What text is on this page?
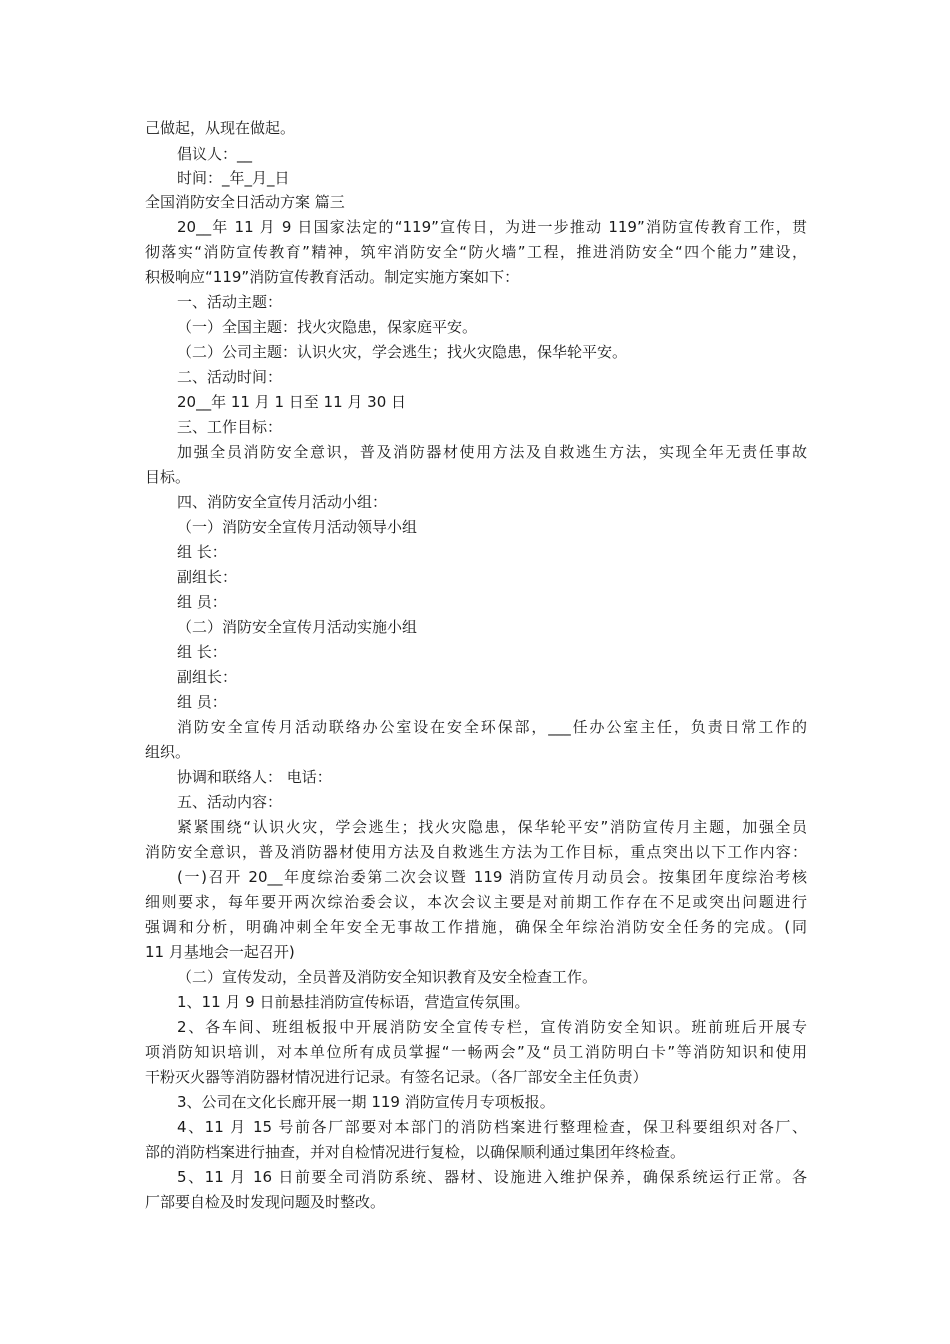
己做起，从现在做起。
倡议人：__
时间：_年_月_日
全国消防安全日活动方案 篇三
20__年 11 月 9 日国家法定的“119”宣传日，为进一步推动 119”消防宣传教育工作，贯
彻落实“消防宣传教育”精神，筑牢消防安全“防火墙”工程，推进消防安全“四个能力”建设，
积极响应“119”消防宣传教育活动。制定实施方案如下：
一、活动主题：
（一）全国主题：找火灾隐患，保家庭平安。
（二）公司主题：认识火灾，学会逃生；找火灾隐患，保华轮平安。
二、活动时间：
20__年 11 月 1 日至 11 月 30 日
三、工作目标：
加强全员消防安全意识，普及消防器材使用方法及自救逃生方法，实现全年无责任事故
目标。
四、消防安全宣传月活动小组：
（一）消防安全宣传月活动领导小组
组 长：
副组长：
组 员：
（二）消防安全宣传月活动实施小组
组 长：
副组长：
组 员：
消防安全宣传月活动联络办公室设在安全环保部，___任办公室主任，负责日常工作的
组织。
协调和联络人： 电话：
五、活动内容：
紧紧围绕“认识火灾，学会逃生；找火灾隐患，保华轮平安”消防宣传月主题，加强全员
消防安全意识，普及消防器材使用方法及自救逃生方法为工作目标，重点突出以下工作内容：
(一)召开 20__年度综治委第二次会议暨 119 消防宣传月动员会。按集团年度综治考核
细则要求，每年要开两次综治委会议，本次会议主要是对前期工作存在不足或突出问题进行
强调和分析，明确冲刺全年安全无事故工作措施，确保全年综治消防安全任务的完成。(同
11 月基地会一起召开)
（二）宣传发动，全员普及消防安全知识教育及安全检查工作。
1、11 月 9 日前悬挂消防宣传标语，营造宣传氛围。
2、各车间、班组板报中开展消防安全宣传专栏，宣传消防安全知识。班前班后开展专
项消防知识培训，对本单位所有成员掌握“一畅两会”及“员工消防明白卡”等消防知识和使用
干粉灭火器等消防器材情况进行记录。有签名记录。（各厂部安全主任负责）
3、公司在文化长廊开展一期 119 消防宣传月专项板报。
4、11 月 15 号前各厂部要对本部门的消防档案进行整理检查，保卫科要组织对各厂、
部的消防档案进行抽查，并对自检情况进行复检，以确保顺利通过集团年终检查。
5、11 月 16 日前要全司消防系统、器材、设施进入维护保养，确保系统运行正常。各
厂部要自检及时发现问题及时整改。
